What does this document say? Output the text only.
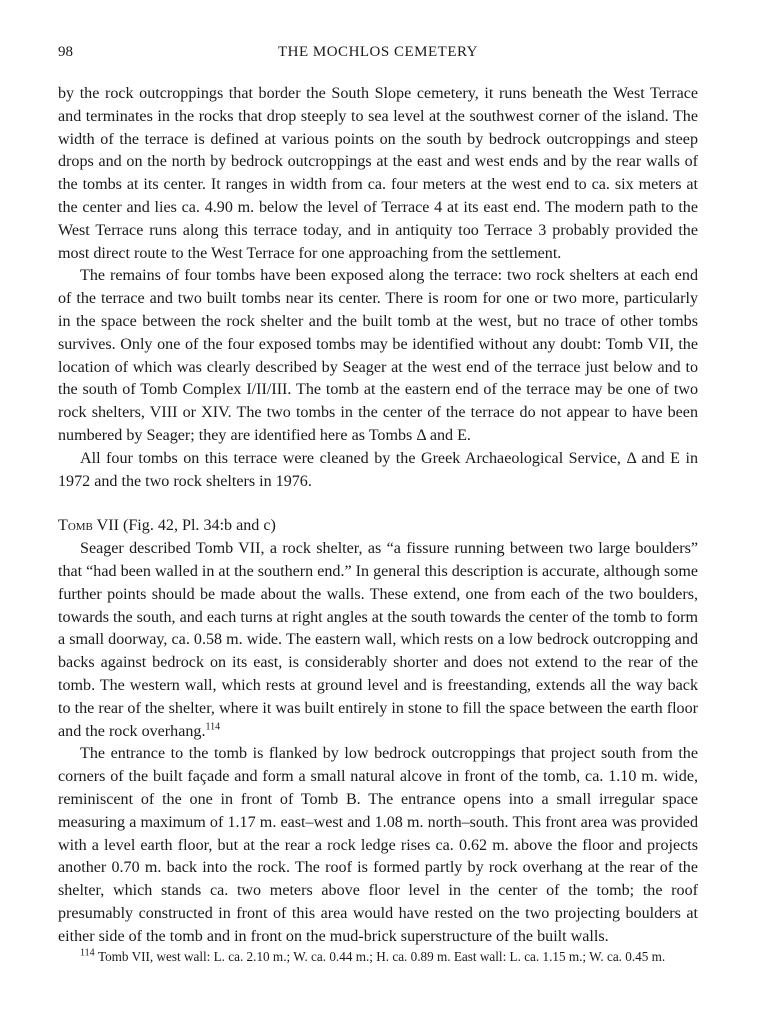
98	THE MOCHLOS CEMETERY

by the rock outcroppings that border the South Slope cemetery, it runs beneath the West Terrace and terminates in the rocks that drop steeply to sea level at the southwest corner of the island. The width of the terrace is defined at various points on the south by bedrock outcroppings and steep drops and on the north by bedrock outcroppings at the east and west ends and by the rear walls of the tombs at its center. It ranges in width from ca. four meters at the west end to ca. six meters at the center and lies ca. 4.90 m. below the level of Terrace 4 at its east end. The modern path to the West Terrace runs along this terrace today, and in antiquity too Terrace 3 probably provided the most direct route to the West Terrace for one approaching from the settlement.

The remains of four tombs have been exposed along the terrace: two rock shelters at each end of the terrace and two built tombs near its center. There is room for one or two more, particularly in the space between the rock shelter and the built tomb at the west, but no trace of other tombs survives. Only one of the four exposed tombs may be identified without any doubt: Tomb VII, the location of which was clearly described by Seager at the west end of the terrace just below and to the south of Tomb Complex I/II/III. The tomb at the eastern end of the terrace may be one of two rock shelters, VIII or XIV. The two tombs in the center of the terrace do not appear to have been numbered by Seager; they are identified here as Tombs Δ and E.

All four tombs on this terrace were cleaned by the Greek Archaeological Service, Δ and E in 1972 and the two rock shelters in 1976.

Tomb VII (Fig. 42, Pl. 34:b and c)

Seager described Tomb VII, a rock shelter, as “a fissure running between two large boulders” that “had been walled in at the southern end.” In general this description is accurate, although some further points should be made about the walls. These extend, one from each of the two boulders, towards the south, and each turns at right angles at the south towards the center of the tomb to form a small doorway, ca. 0.58 m. wide. The eastern wall, which rests on a low bedrock outcropping and backs against bedrock on its east, is considerably shorter and does not extend to the rear of the tomb. The western wall, which rests at ground level and is freestanding, extends all the way back to the rear of the shelter, where it was built entirely in stone to fill the space between the earth floor and the rock overhang.$^{114}$

The entrance to the tomb is flanked by low bedrock outcroppings that project south from the corners of the built façade and form a small natural alcove in front of the tomb, ca. 1.10 m. wide, reminiscent of the one in front of Tomb B. The entrance opens into a small irregular space measuring a maximum of 1.17 m. east–west and 1.08 m. north–south. This front area was provided with a level earth floor, but at the rear a rock ledge rises ca. 0.62 m. above the floor and projects another 0.70 m. back into the rock. The roof is formed partly by rock overhang at the rear of the shelter, which stands ca. two meters above floor level in the center of the tomb; the roof presumably constructed in front of this area would have rested on the two projecting boulders at either side of the tomb and in front on the mud-brick superstructure of the built walls.

$^{114}$ Tomb VII, west wall: L. ca. 2.10 m.; W. ca. 0.44 m.; H. ca. 0.89 m. East wall: L. ca. 1.15 m.; W. ca. 0.45 m.
